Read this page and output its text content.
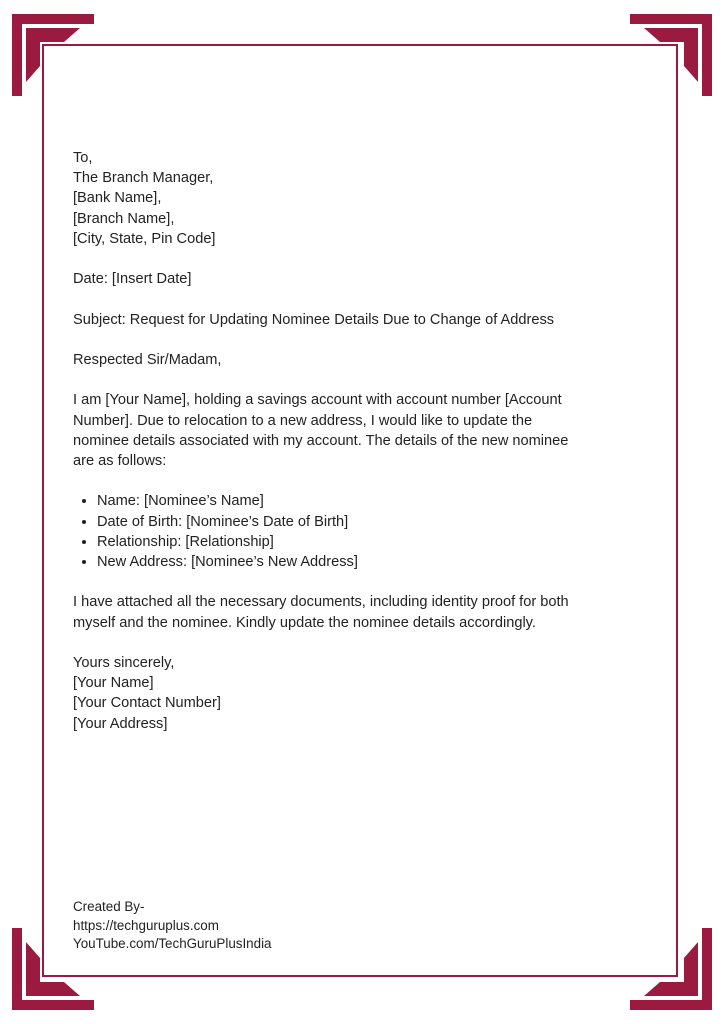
To,

The Branch Manager,

[Bank Name],

[Branch Name],

[City, State, Pin Code]

Date: [Insert Date]

Subject: Request for Updating Nominee Details Due to Change of Address

Respected Sir/Madam,

I am [Your Name], holding a savings account with account number [Account

Number]. Due to relocation to a new address, I would like to update the

nominee details associated with my account. The details of the new nominee

are as follows:

• Name: [Nominee’s Name]
• Date of Birth: [Nominee’s Date of Birth]
• Relationship: [Relationship]
• New Address: [Nominee’s New Address]

I have attached all the necessary documents, including identity proof for both

myself and the nominee. Kindly update the nominee details accordingly.

Yours sincerely,

[Your Name]

[Your Contact Number]

[Your Address]

Created By-

https://techguruplus.com

YouTube.com/TechGuruPlusIndia
